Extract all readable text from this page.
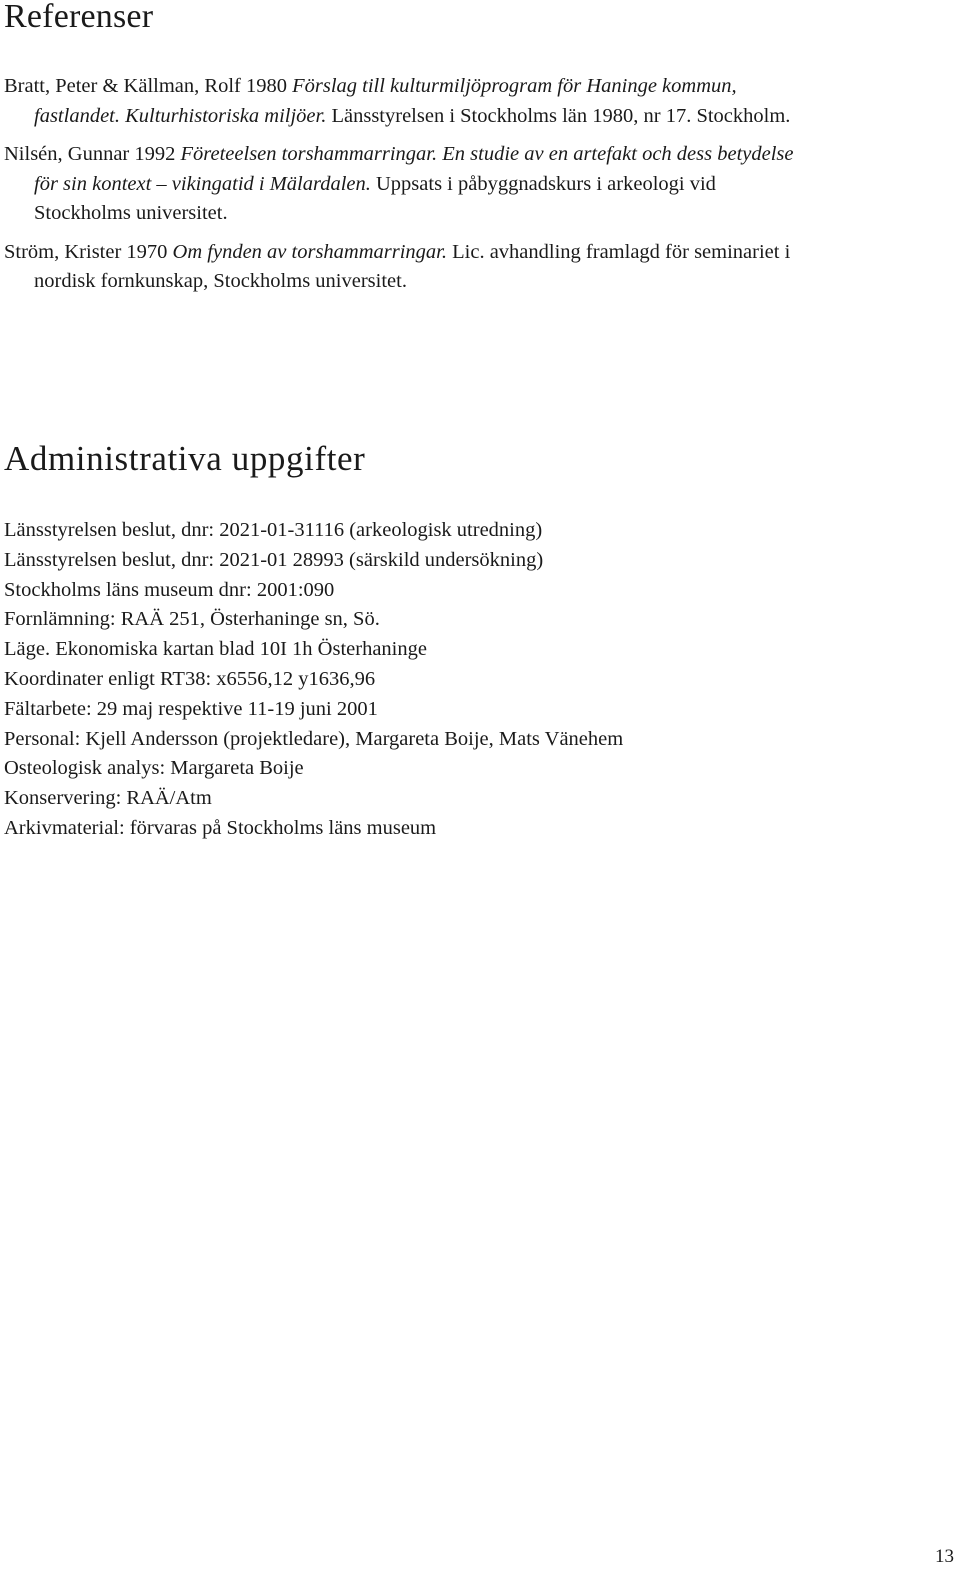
Referenser

Bratt, Peter & Källman, Rolf 1980 Förslag till kulturmiljöprogram för Haninge kommun, fastlandet. Kulturhistoriska miljöer. Länsstyrelsen i Stockholms län 1980, nr 17. Stockholm.

Nilsén, Gunnar 1992 Företeelsen torshammarringar. En studie av en artefakt och dess betydelse för sin kontext – vikingatid i Mälardalen. Uppsats i påbyggnadskurs i arkeologi vid Stockholms universitet.

Ström, Krister 1970 Om fynden av torshammarringar. Lic. avhandling framlagd för seminariet i nordisk fornkunskap, Stockholms universitet.

Administrativa uppgifter
Länsstyrelsen beslut, dnr: 2021-01-31116 (arkeologisk utredning)
Länsstyrelsen beslut, dnr: 2021-01 28993 (särskild undersökning)
Stockholms läns museum dnr: 2001:090
Fornlämning: RAÄ 251, Österhaninge sn, Sö.
Läge. Ekonomiska kartan blad 10I 1h Österhaninge
Koordinater enligt RT38: x6556,12 y1636,96
Fältarbete: 29 maj respektive 11-19 juni 2001
Personal: Kjell Andersson (projektledare), Margareta Boije, Mats Vänehem
Osteologisk analys: Margareta Boije
Konservering: RAÄ/Atm
Arkivmaterial: förvaras på Stockholms läns museum
13
